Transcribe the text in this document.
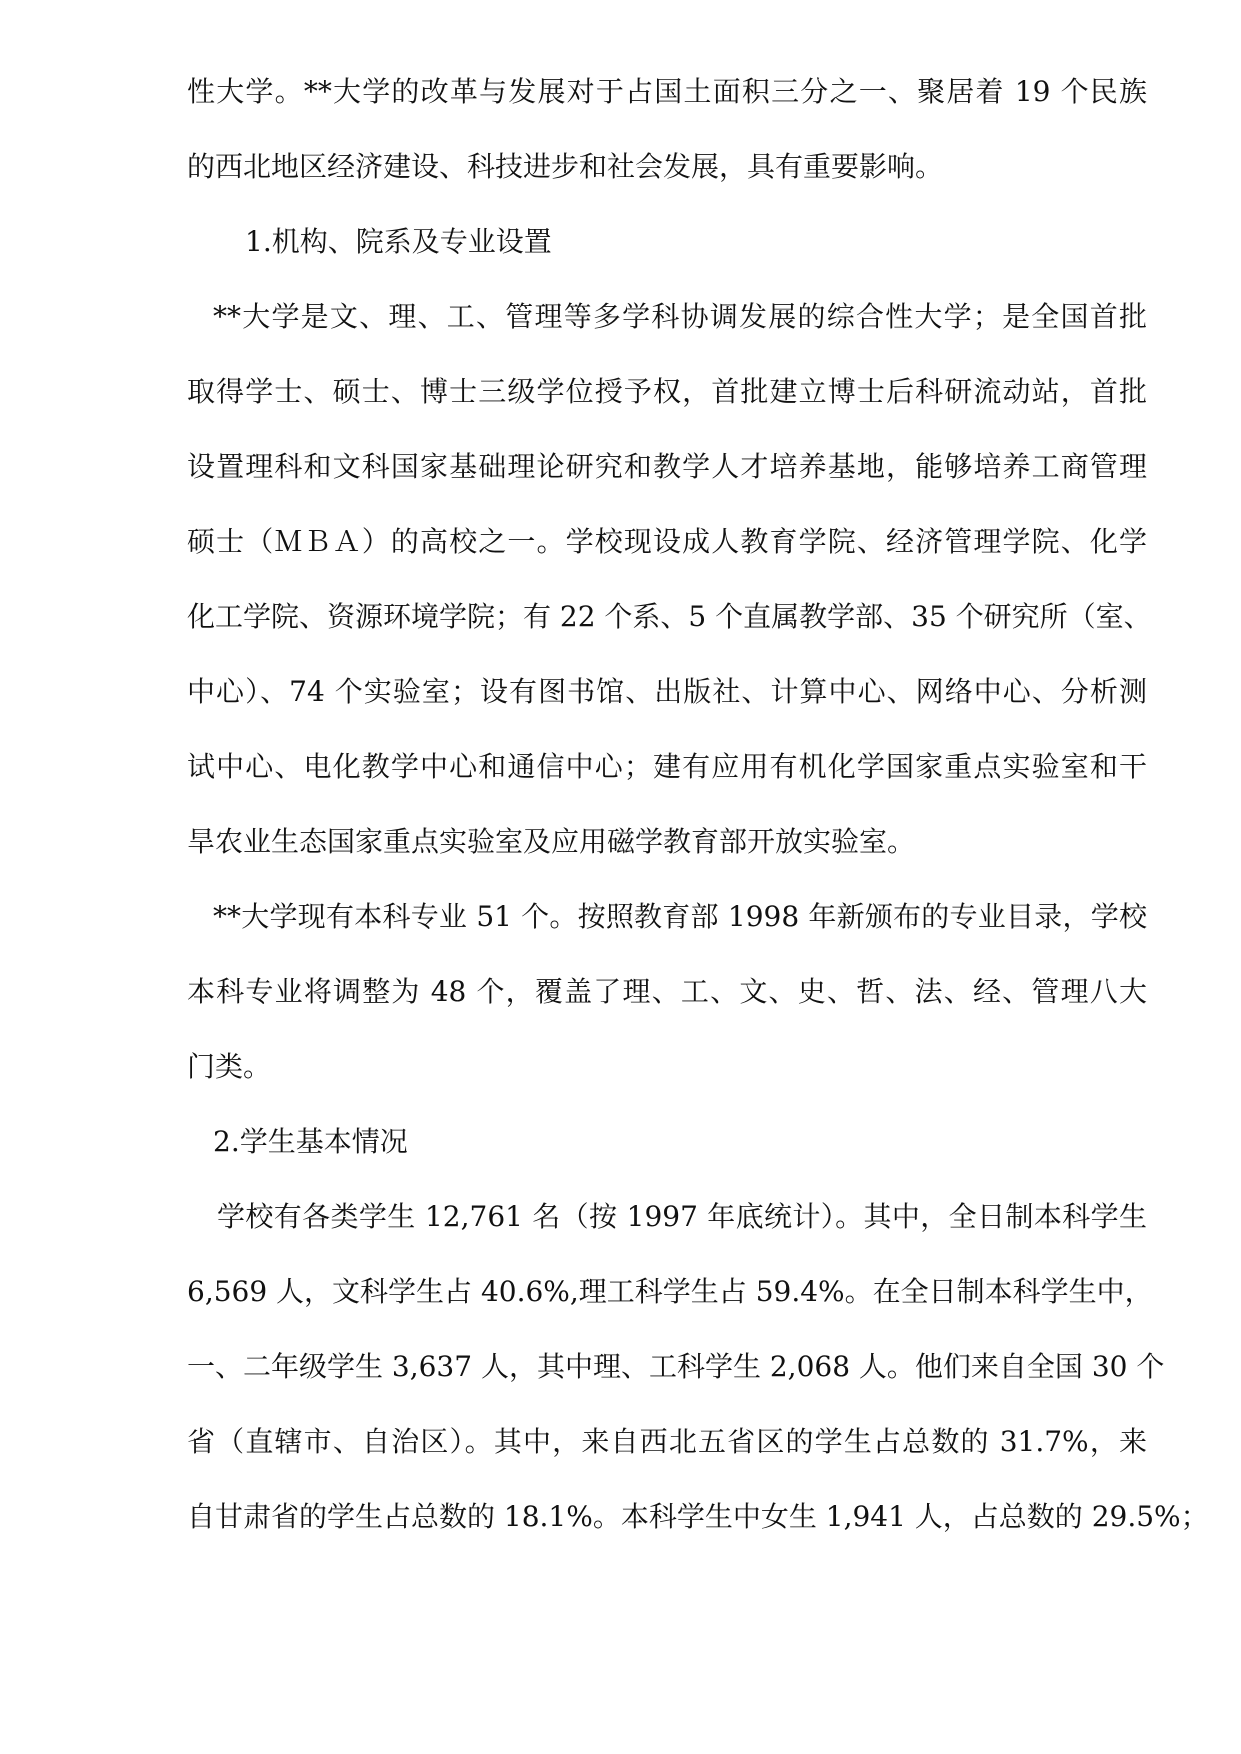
性大学。**大学的改革与发展对于占国土面积三分之一、聚居着 19 个民族
的西北地区经济建设、科技进步和社会发展，具有重要影响。
1.机构、院系及专业设置
**大学是文、理、工、管理等多学科协调发展的综合性大学；是全国首批
取得学士、硕士、博士三级学位授予权，首批建立博士后科研流动站，首批
设置理科和文科国家基础理论研究和教学人才培养基地，能够培养工商管理
硕士（ＭＢＡ）的高校之一。学校现设成人教育学院、经济管理学院、化学
化工学院、资源环境学院；有 22 个系、5 个直属教学部、35 个研究所（室、
中心）、74 个实验室；设有图书馆、出版社、计算中心、网络中心、分析测
试中心、电化教学中心和通信中心；建有应用有机化学国家重点实验室和干
旱农业生态国家重点实验室及应用磁学教育部开放实验室。
**大学现有本科专业 51 个。按照教育部 1998 年新颁布的专业目录，学校
本科专业将调整为 48 个，覆盖了理、工、文、史、哲、法、经、管理八大
门类。
2.学生基本情况
学校有各类学生 12,761 名（按 1997 年底统计）。其中，全日制本科学生
6,569 人，文科学生占 40.6%,理工科学生占 59.4%。在全日制本科学生中，
一、二年级学生 3,637 人，其中理、工科学生 2,068 人。他们来自全国 30 个
省（直辖市、自治区）。其中，来自西北五省区的学生占总数的 31.7%，来
自甘肃省的学生占总数的 18.1%。本科学生中女生 1,941 人，占总数的 29.5%；
